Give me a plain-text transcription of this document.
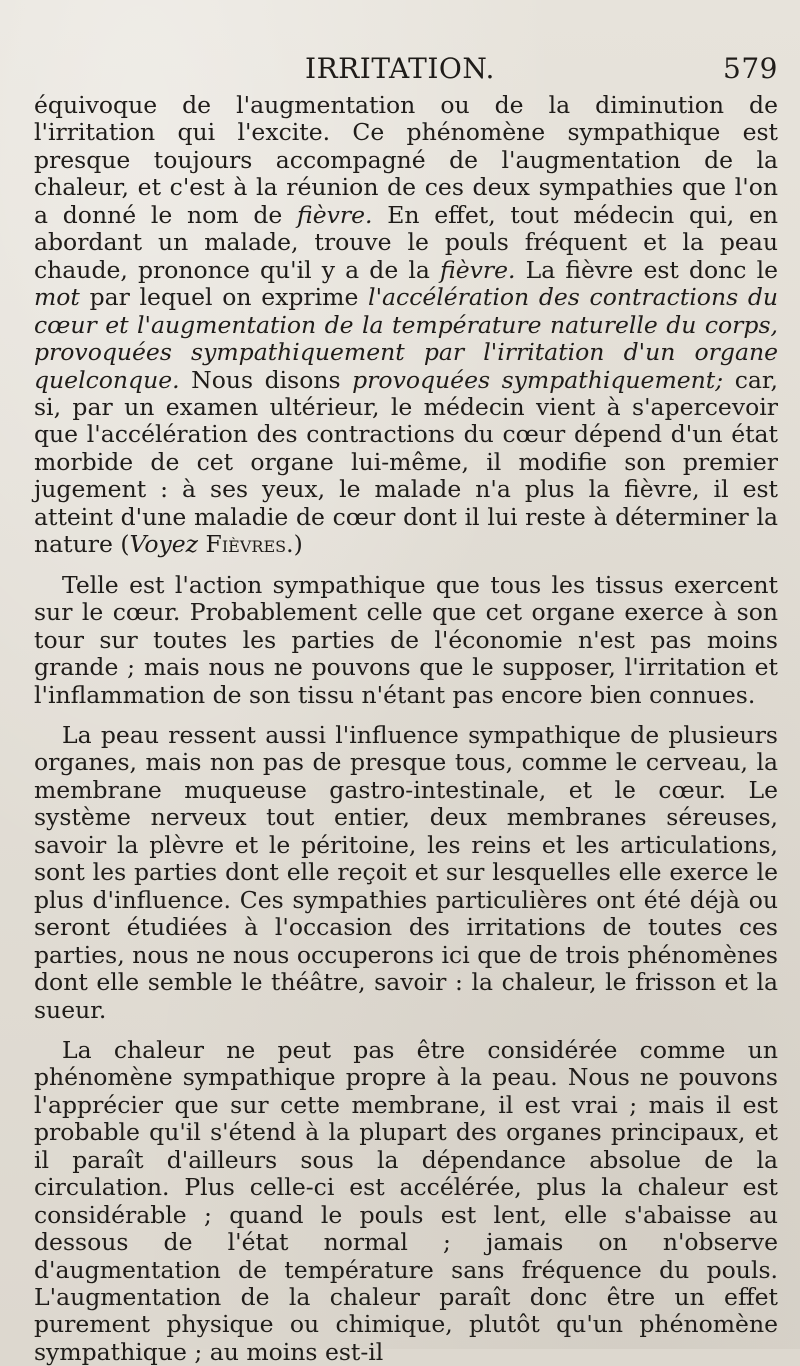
IRRITATION.	579

équivoque de l'augmentation ou de la diminution de l'irritation qui l'excite. Ce phénomène sympathique est presque toujours accompagné de l'augmentation de la chaleur, et c'est à la réunion de ces deux sympathies que l'on a donné le nom de fièvre. En effet, tout médecin qui, en abordant un malade, trouve le pouls fréquent et la peau chaude, prononce qu'il y a de la fièvre. La fièvre est donc le mot par lequel on exprime l'accélération des contractions du cœur et l'augmentation de la température naturelle du corps, provoquées sympathiquement par l'irritation d'un organe quelconque. Nous disons provoquées sympathiquement; car, si, par un examen ultérieur, le médecin vient à s'apercevoir que l'accélération des contractions du cœur dépend d'un état morbide de cet organe lui-même, il modifie son premier jugement : à ses yeux, le malade n'a plus la fièvre, il est atteint d'une maladie de cœur dont il lui reste à déterminer la nature (Voyez Fièvres.)

Telle est l'action sympathique que tous les tissus exercent sur le cœur. Probablement celle que cet organe exerce à son tour sur toutes les parties de l'économie n'est pas moins grande ; mais nous ne pouvons que le supposer, l'irritation et l'inflammation de son tissu n'étant pas encore bien connues.

La peau ressent aussi l'influence sympathique de plusieurs organes, mais non pas de presque tous, comme le cerveau, la membrane muqueuse gastro-intestinale, et le cœur. Le système nerveux tout entier, deux membranes séreuses, savoir la plèvre et le péritoine, les reins et les articulations, sont les parties dont elle reçoit et sur lesquelles elle exerce le plus d'influence. Ces sympathies particulières ont été déjà ou seront étudiées à l'occasion des irritations de toutes ces parties, nous ne nous occuperons ici que de trois phénomènes dont elle semble le théâtre, savoir : la chaleur, le frisson et la sueur.

La chaleur ne peut pas être considérée comme un phénomène sympathique propre à la peau. Nous ne pouvons l'apprécier que sur cette membrane, il est vrai ; mais il est probable qu'il s'étend à la plupart des organes principaux, et il paraît d'ailleurs sous la dépendance absolue de la circulation. Plus celle-ci est accélérée, plus la chaleur est considérable ; quand le pouls est lent, elle s'abaisse au dessous de l'état normal ; jamais on n'observe d'augmentation de température sans fréquence du pouls. L'augmentation de la chaleur paraît donc être un effet purement physique ou chimique, plutôt qu'un phénomène sympathique ; au moins est-il
